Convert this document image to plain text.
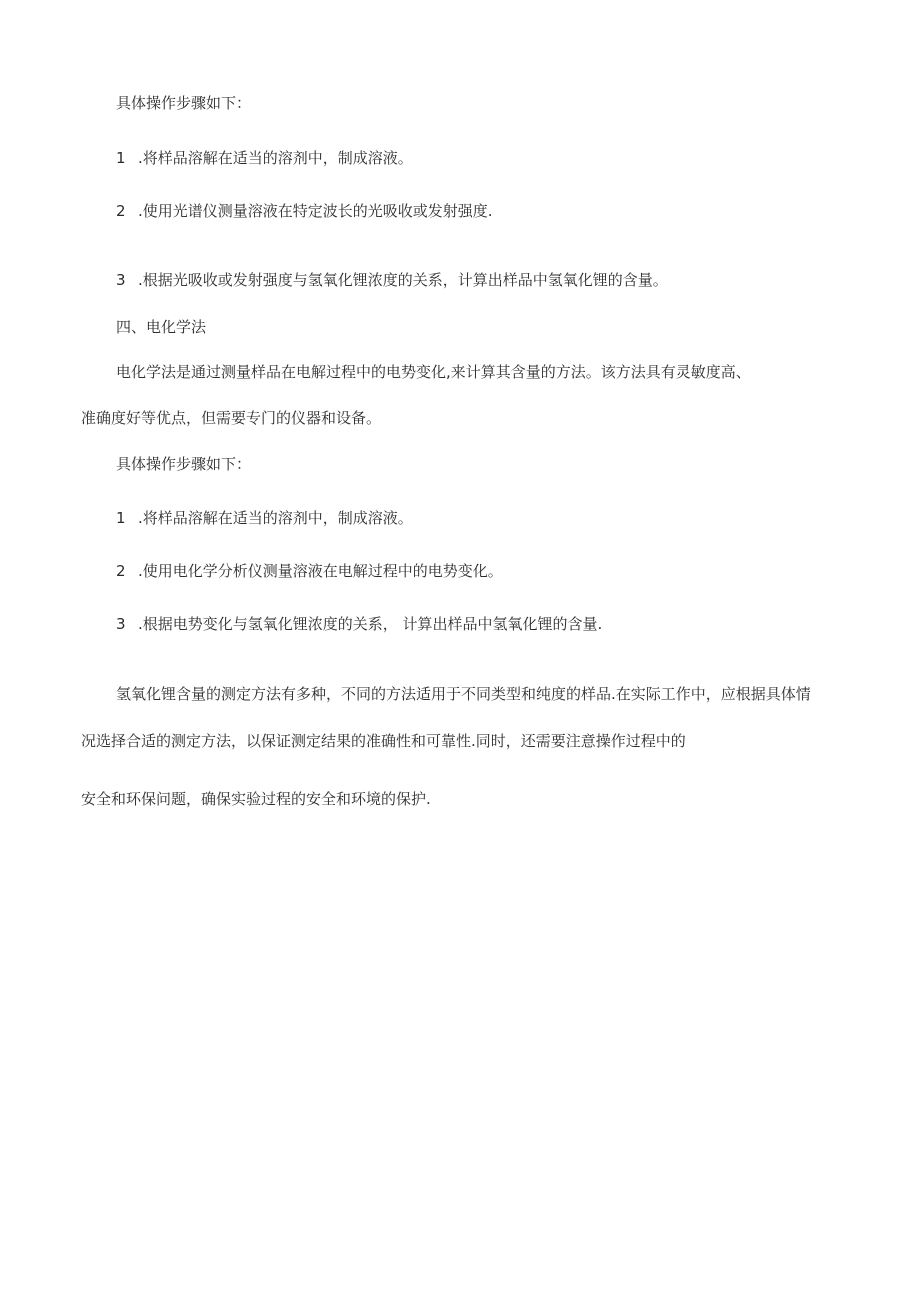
具体操作步骤如下：
1 .将样品溶解在适当的溶剂中，制成溶液。
2 .使用光谱仪测量溶液在特定波长的光吸收或发射强度.
3 .根据光吸收或发射强度与氢氧化锂浓度的关系，计算出样品中氢氧化锂的含量。
四、电化学法
电化学法是通过测量样品在电解过程中的电势变化,来计算其含量的方法。该方法具有灵敏度高、
准确度好等优点，但需要专门的仪器和设备。
具体操作步骤如下：
1 .将样品溶解在适当的溶剂中，制成溶液。
2 .使用电化学分析仪测量溶液在电解过程中的电势变化。
3 .根据电势变化与氢氧化锂浓度的关系， 计算出样品中氢氧化锂的含量.
氢氧化锂含量的测定方法有多种，不同的方法适用于不同类型和纯度的样品.在实际工作中，应根据具体情
况选择合适的测定方法，以保证测定结果的准确性和可靠性.同时，还需要注意操作过程中的
安全和环保问题，确保实验过程的安全和环境的保护.
